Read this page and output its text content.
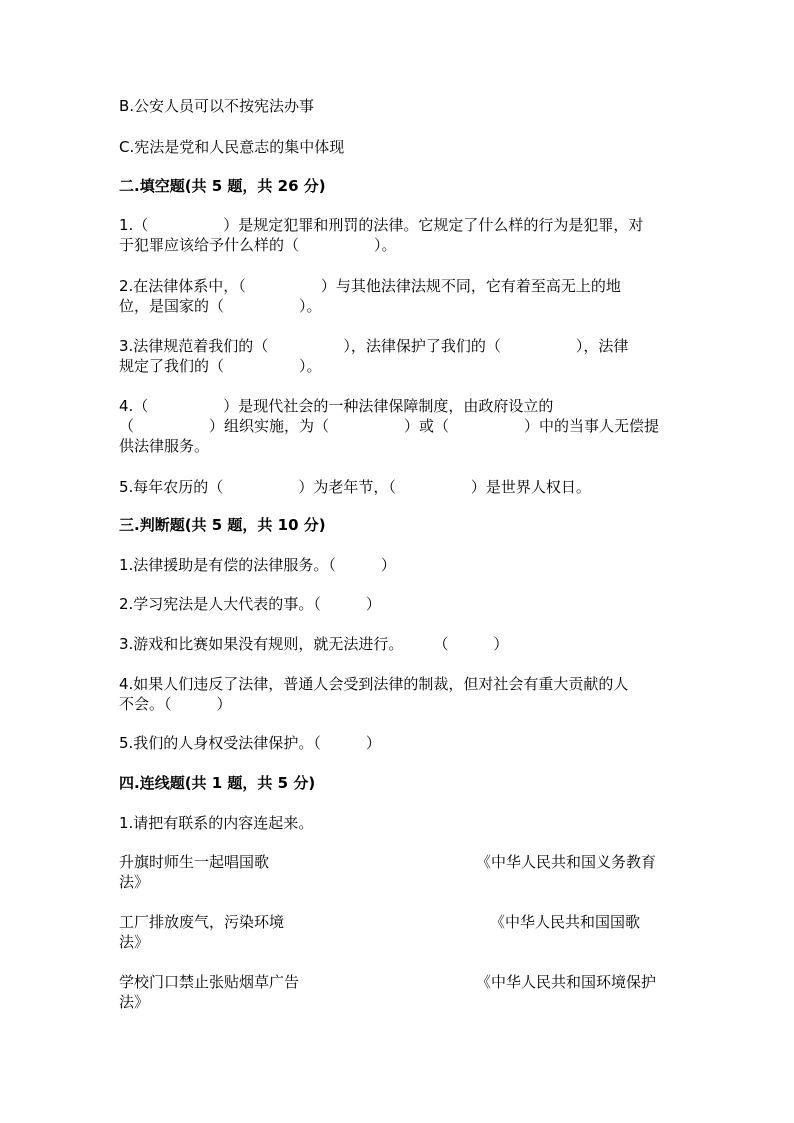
B.公安人员可以不按宪法办事
C.宪法是党和人民意志的集中体现
二.填空题(共 5 题，共 26 分)
1.（　　　　　）是规定犯罪和刑罚的法律。它规定了什么样的行为是犯罪，对
于犯罪应该给予什么样的（　　　　　）。
2.在法律体系中，（　　　　　）与其他法律法规不同，它有着至高无上的地
位，是国家的（　　　　　）。
3.法律规范着我们的（　　　　　），法律保护了我们的（　　　　　），法律
规定了我们的（　　　　　）。
4.（　　　　　）是现代社会的一种法律保障制度，由政府设立的
（　　　　　）组织实施，为（　　　　　）或（　　　　　）中的当事人无偿提
供法律服务。
5.每年农历的（　　　　　）为老年节，（　　　　　）是世界人权日。
三.判断题(共 5 题，共 10 分)
1.法律援助是有偿的法律服务。（　　　）
2.学习宪法是人大代表的事。（　　　）
3.游戏和比赛如果没有规则，就无法进行。　　　（　　　）
4.如果人们违反了法律，普通人会受到法律的制裁，但对社会有重大贡献的人
不会。（　　　）
5.我们的人身权受法律保护。（　　　）
四.连线题(共 1 题，共 5 分)
1.请把有联系的内容连起来。
升旗时师生一起唱国歌	《中华人民共和国义务教育
法》
工厂排放废气，污染环境	《中华人民共和国国歌
法》
学校门口禁止张贴烟草广告	《中华人民共和国环境保护
法》
